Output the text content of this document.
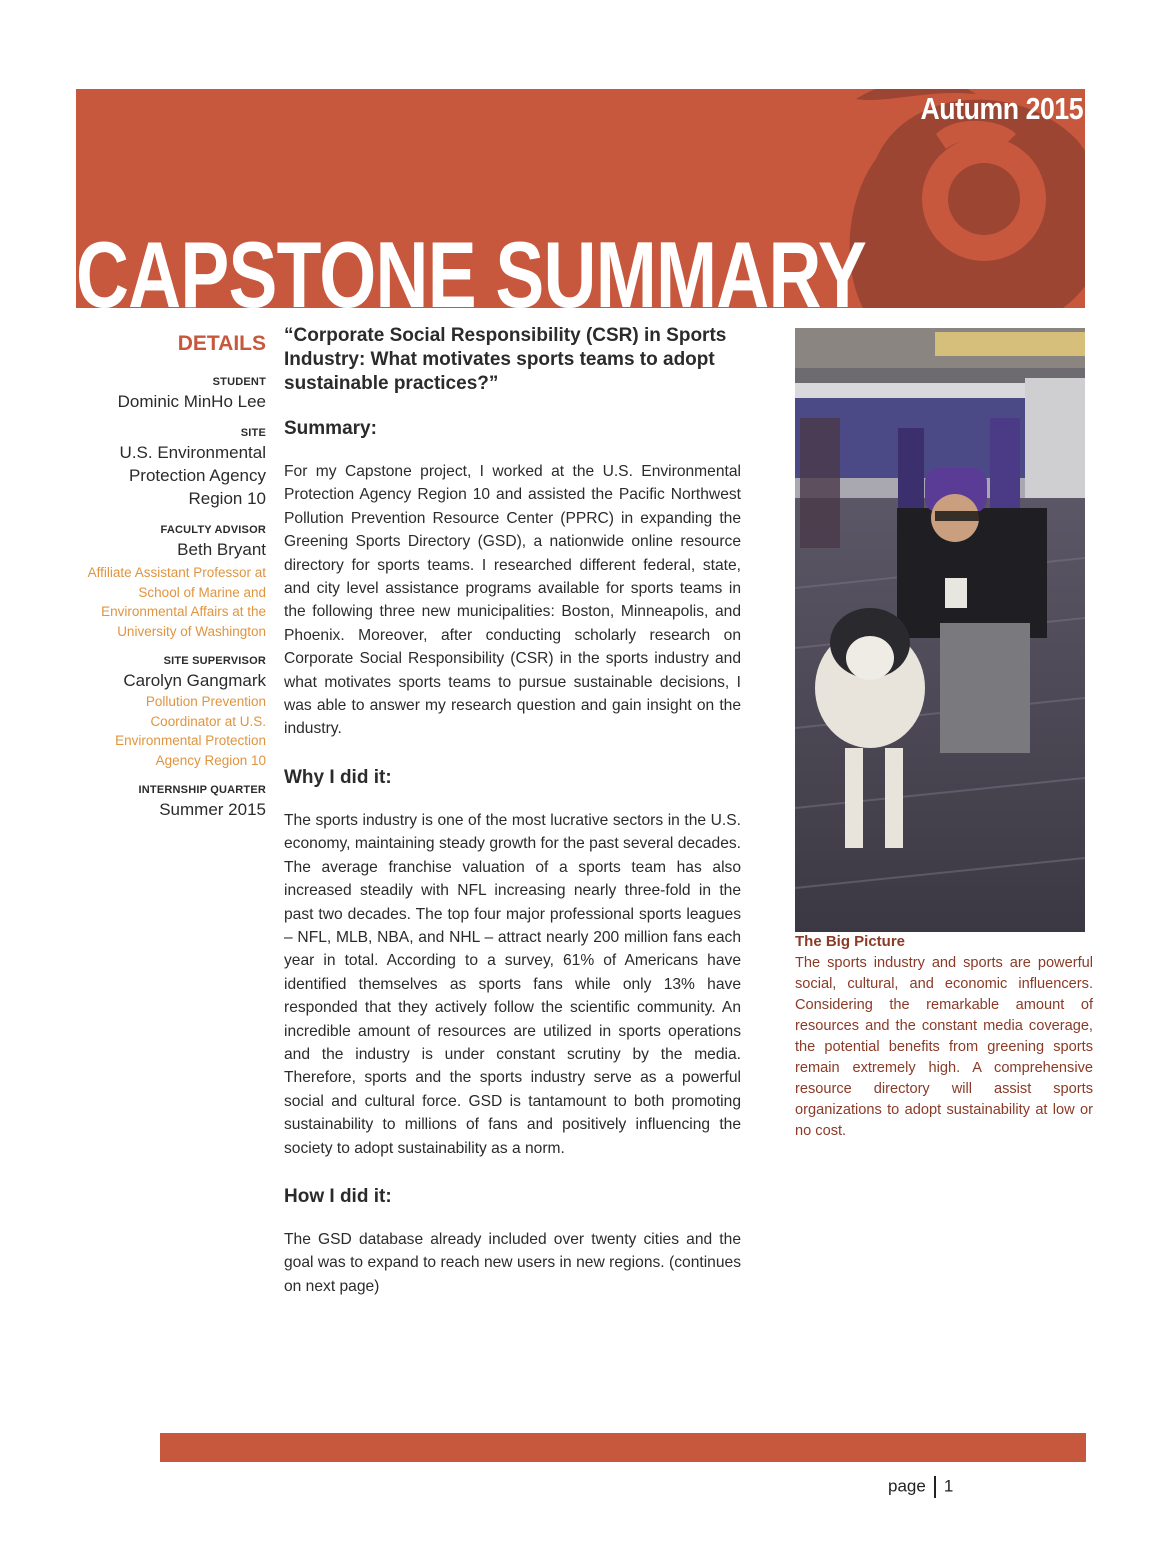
Autumn 2015
CAPSTONE SUMMARY
DETAILS
STUDENT
Dominic MinHo Lee
SITE
U.S. Environmental
Protection Agency
Region 10
FACULTY ADVISOR
Beth Bryant
Affiliate Assistant Professor at
School of Marine and
Environmental Affairs at the
University of Washington
SITE SUPERVISOR
Carolyn Gangmark
Pollution Prevention
Coordinator at U.S.
Environmental Protection
Agency Region 10
INTERNSHIP QUARTER
Summer 2015

“Corporate Social Responsibility (CSR) in Sports Industry: What motivates sports teams to adopt sustainable practices?”

Summary:

For my Capstone project, I worked at the U.S. Environmental Protection Agency Region 10 and assisted the Pacific Northwest Pollution Prevention Resource Center (PPRC) in expanding the Greening Sports Directory (GSD), a nationwide online resource directory for sports teams. I researched different federal, state, and city level assistance programs available for sports teams in the following three new municipalities: Boston, Minneapolis, and Phoenix. Moreover, after conducting scholarly research on Corporate Social Responsibility (CSR) in the sports industry and what motivates sports teams to pursue sustainable decisions, I was able to answer my research question and gain insight on the industry.

Why I did it:

The sports industry is one of the most lucrative sectors in the U.S. economy, maintaining steady growth for the past several decades. The average franchise valuation of a sports team has also increased steadily with NFL increasing nearly three-fold in the past two decades. The top four major professional sports leagues – NFL, MLB, NBA, and NHL – attract nearly 200 million fans each year in total. According to a survey, 61% of Americans have identified themselves as sports fans while only 13% have responded that they actively follow the scientific community. An incredible amount of resources are utilized in sports operations and the industry is under constant scrutiny by the media. Therefore, sports and the sports industry serve as a powerful social and cultural force. GSD is tantamount to both promoting sustainability to millions of fans and positively influencing the society to adopt sustainability as a norm.

How I did it:

The GSD database already included over twenty cities and the goal was to expand to reach new users in new regions. (continues on next page)

The Big Picture
The sports industry and sports are powerful social, cultural, and economic influencers. Considering the remarkable amount of resources and the constant media coverage, the potential benefits from greening sports remain extremely high. A comprehensive resource directory will assist sports organizations to adopt sustainability at low or no cost.
page 1
